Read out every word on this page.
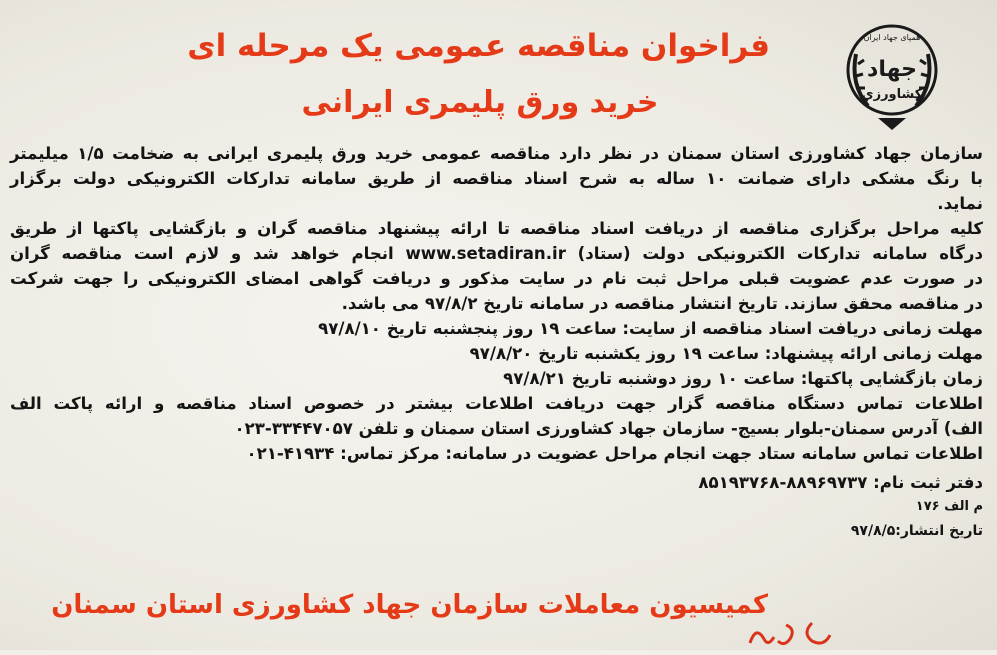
جهاد
کشاورزی
همپای جهاد ایران
فراخوان مناقصه عمومی یک مرحله ای
خرید ورق پلیمری ایرانی
سازمان جهاد کشاورزی استان سمنان در نظر دارد مناقصه عمومی خرید ورق پلیمری ایرانی به ضخامت ۱/۵ میلیمتر
با رنگ مشکی دارای ضمانت ۱۰ ساله به شرح اسناد مناقصه از طریق سامانه تدارکات الکترونیکی دولت برگزار
نماید.
کلیه مراحل برگزاری مناقصه از دریافت اسناد مناقصه تا ارائه پیشنهاد مناقصه گران و بازگشایی پاکتها از طریق
درگاه سامانه تدارکات الکترونیکی دولت (ستاد) www.setadiran.ir انجام خواهد شد و لازم است مناقصه گران
در صورت عدم عضویت قبلی مراحل ثبت نام در سایت مذکور و دریافت گواهی امضای الکترونیکی را جهت شرکت
در مناقصه محقق سازند. تاریخ انتشار مناقصه در سامانه تاریخ ۹۷/۸/۲ می باشد.
مهلت زمانی دریافت اسناد مناقصه از سایت: ساعت ۱۹ روز پنجشنبه تاریخ ۹۷/۸/۱۰
مهلت زمانی ارائه پیشنهاد: ساعت ۱۹ روز یکشنبه تاریخ ۹۷/۸/۲۰
زمان بازگشایی پاکتها: ساعت ۱۰ روز دوشنبه تاریخ ۹۷/۸/۲۱
اطلاعات تماس دستگاه مناقصه گزار جهت دریافت اطلاعات بیشتر در خصوص اسناد مناقصه و ارائه پاکت الف
الف) آدرس سمنان-بلوار بسیج- سازمان جهاد کشاورزی استان سمنان و تلفن ۳۳۴۴۷۰۵۷-۰۲۳
اطلاعات تماس سامانه ستاد جهت انجام مراحل عضویت در سامانه: مرکز تماس: ۴۱۹۳۴-۰۲۱
دفتر ثبت نام: ۸۸۹۶۹۷۳۷-۸۵۱۹۳۷۶۸
م الف ۱۷۶
تاریخ انتشار:۹۷/۸/۵
کمیسیون معاملات سازمان جهاد کشاورزی استان سمنان
